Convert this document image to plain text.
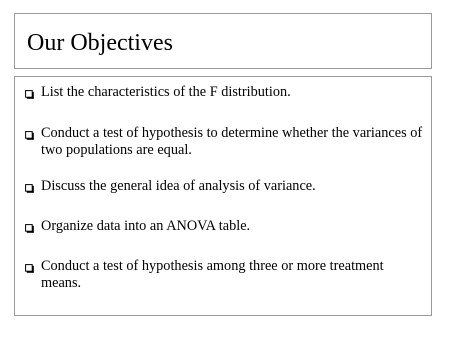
Our Objectives
List the characteristics of the F distribution.
Conduct a test of hypothesis to determine whether the variances of two populations are equal.
Discuss the general idea of analysis of variance.
Organize data into an ANOVA table.
Conduct a test of hypothesis among three or more treatment means.
